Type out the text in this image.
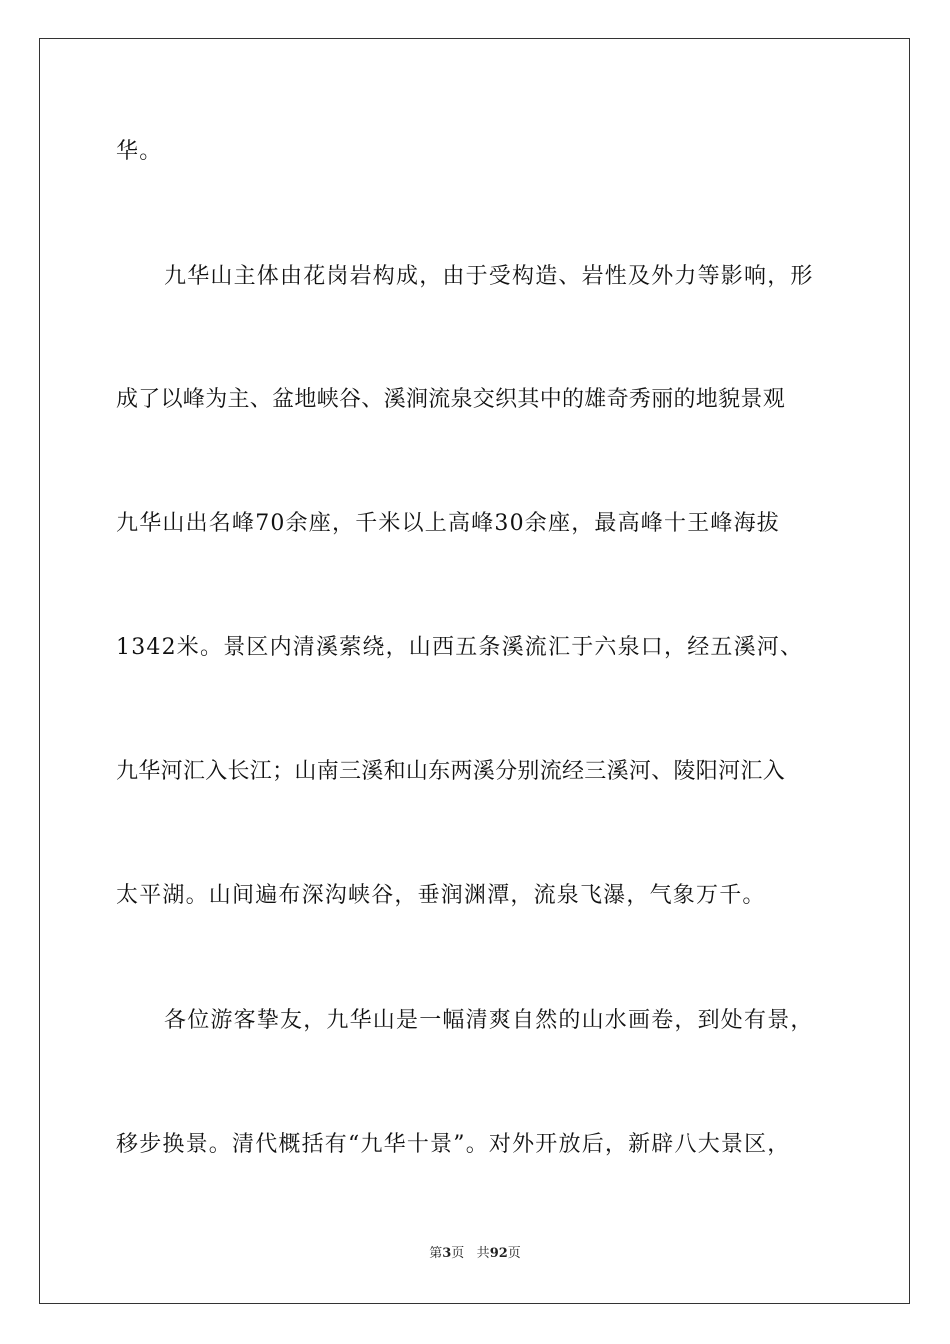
华。
九华山主体由花岗岩构成，由于受构造、岩性及外力等影响，形
成了以峰为主、盆地峡谷、溪涧流泉交织其中的雄奇秀丽的地貌景观
九华山出名峰70余座，千米以上高峰30余座，最高峰十王峰海拔
1342米。景区内清溪萦绕，山西五条溪流汇于六泉口，经五溪河、
九华河汇入长江；山南三溪和山东两溪分别流经三溪河、陵阳河汇入
太平湖。山间遍布深沟峡谷，垂润渊潭，流泉飞瀑，气象万千。
各位游客挚友，九华山是一幅清爽自然的山水画卷，到处有景，
移步换景。清代概括有“九华十景”。对外开放后，新辟八大景区，
第3页 共92页
